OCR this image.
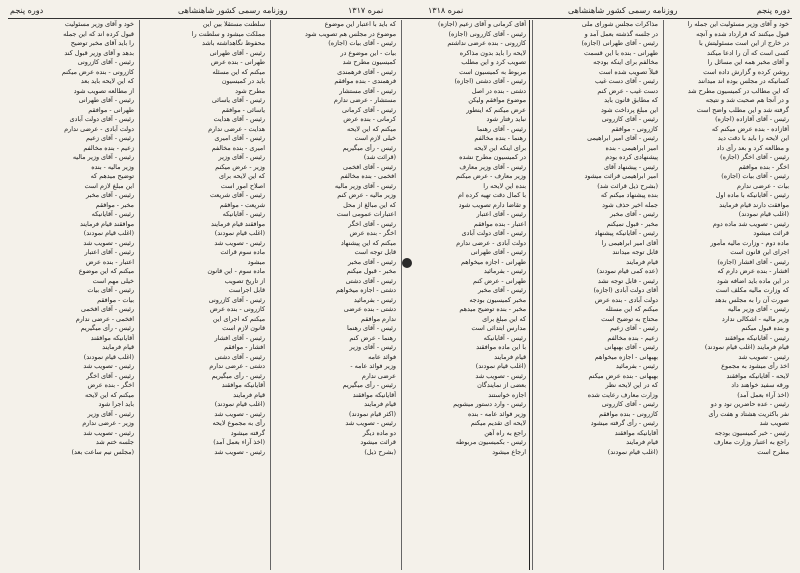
دوره پنجم	روزنامه رسمی کشور شاهنشاهی	نمره ۱۳۱۷	نمره ۱۳۱۸	روزنامه رسمی کشور شاهنشاهی	دوره پنجم
خود و آقای وزیر مسئولیت این جمله را
قبول میکنند که قرارداد شده و آنچه
در خارج از این است مسئولیتش با
کسی است که آن را ادعا میکند
و آقای مخبر همه این مسائل را
روشن کرده و گزارش داده است
کسانیکه در مجلس بوده اند میدانند
که این مطالب در کمیسیون مطرح شد
و در آنجا هم صحبت شد و نتیجه
گرفته شد و این مطلب واضح است
رئیس - آقای آقازاده (اجازه)
آقازاده - بنده عرض میکنم که
این لایحه را باید با دقت دید
و مطالعه کرد و بعد رأی داد
رئیس - آقای اخگر (اجازه)
اخگر - بنده موافقم
رئیس - آقای بیات (اجازه)
بیات - عرضی ندارم
رئیس - آقایانیکه با ماده اول
موافقت دارند قیام فرمایند
(اغلب قیام نمودند)
رئیس - تصویب شد ماده دوم
قرائت میشود
ماده دوم - وزارت مالیه مأمور
اجرای این قانون است
رئیس - آقای افشار (اجازه)
افشار - بنده عرض دارم که
در این ماده باید اضافه شود
که وزارت مالیه مکلف است
صورت آن را به مجلس بدهد
رئیس - آقای وزیر مالیه
وزیر مالیه - اشکالی ندارد
و بنده قبول میکنم
رئیس - آقایانیکه موافقند
قیام فرمایند (اغلب قیام نمودند)
رئیس - تصویب شد
اخذ رأی میشود به مجموع
لایحه - آقایانیکه موافقند
ورقه سفید خواهند داد
(اخذ آراء بعمل آمد)
رئیس - عده حاضرین نود و دو
نفر باکثریت هشتاد و هفت رأی
تصویب شد
رئیس - خبر کمیسیون بودجه
راجع به اعتبار وزارت معارف
مطرح است
مذاکرات مجلس شورای ملی
در جلسه گذشته بعمل آمد و
رئیس - آقای طهرانی (اجازه)
طهرانی - بنده با این قسمت
مخالفم برای اینکه بودجه
قبلاً تصویب شده است
رئیس - آقای دست غیب
دست غیب - عرض کنم
که مطابق قانون باید
این مبلغ پرداخت شود
رئیس - آقای کازرونی
کازرونی - موافقم
رئیس - آقای امیر ابراهیمی
امیر ابراهیمی - بنده
پیشنهادی کرده بودم
رئیس - پیشنهاد آقای
امیر ابراهیمی قرائت میشود
(بشرح ذیل قرائت شد)
بنده پیشنهاد میکنم که
جمله اخیر حذف شود
رئیس - آقای مخبر
مخبر - قبول نمیکنم
رئیس - آقایانیکه پیشنهاد
آقای امیر ابراهیمی را
قابل توجه میدانند
قیام فرمایند
(عده کمی قیام نمودند)
رئیس - قابل توجه نشد
آقای دولت آبادی (اجازه)
دولت آبادی - بنده عرض
میکنم که این مسئله
محتاج به توضیح است
رئیس - آقای زعیم
زعیم - بنده مخالفم
رئیس - آقای بهبهانی
بهبهانی - اجازه میخواهم
رئیس - بفرمائید
بهبهانی - بنده عرض میکنم
که در این لایحه نظر
وزارت معارف رعایت شده
رئیس - آقای کازرونی
کازرونی - بنده موافقم
رئیس - رأی گرفته میشود
آقایانیکه موافقند
قیام فرمایند
(اغلب قیام نمودند)
آقای کرمانی و آقای زعیم (اجازه)
رئیس - آقای کازرونی (اجازه)
کازرونی - بنده عرضی نداشتم
لایحه را باید بدون مذاکره
تصویب کرد و این مطلب
مربوط به کمیسیون است
رئیس - آقای دشتی (اجازه)
دشتی - بنده در اصل
موضوع موافقم ولیکن
عرض میکنم که اینطور
نباید رفتار شود
رئیس - آقای رهنما
رهنما - بنده مخالفم
برای اینکه این لایحه
در کمیسیون مطرح نشده
رئیس - آقای وزیر معارف
وزیر معارف - عرض میکنم
بنده این لایحه را
با کمال دقت تهیه کرده ام
و تقاضا دارم تصویب شود
رئیس - آقای اعتبار
اعتبار - بنده موافقم
رئیس - آقای دولت آبادی
دولت آبادی - عرضی ندارم
رئیس - آقای طهرانی
طهرانی - اجازه میخواهم
رئیس - بفرمائید
طهرانی - عرض کنم
رئیس - آقای مخبر
مخبر کمیسیون بودجه
مخبر - بنده توضیح میدهم
که این مبلغ برای
مدارس ابتدائی است
رئیس - آقایانیکه
با این ماده موافقند
قیام فرمایند
(اغلب قیام نمودند)
رئیس - تصویب شد
بعضی از نمایندگان
اجازه خواستند
رئیس - وارد دستور میشویم
وزیر فوائد عامه - بنده
لایحه ای تقدیم میکنم
راجع به راه آهن
رئیس - بکمیسیون مربوطه
ارجاع میشود
که باید با اعتبار این موضوع
موضوع در مجلس هم تصویب شود
رئیس - آقای بیات (اجازه)
بیات - این موضوع در
کمیسیون مطرح شد
رئیس - آقای فرهمندی
فرهمندی - بنده موافقم
رئیس - آقای مستشار
مستشار - عرضی ندارم
رئیس - آقای کرمانی
کرمانی - بنده عرض
میکنم که این لایحه
خیلی لازم است
رئیس - رأی میگیریم
(قرائت شد)
رئیس - آقای افخمی
افخمی - بنده مخالفم
رئیس - آقای وزیر مالیه
وزیر مالیه - عرض کنم
که این مبالغ از محل
اعتبارات عمومی است
رئیس - آقای اخگر
اخگر - بنده عرض
میکنم که این پیشنهاد
قابل توجه است
رئیس - آقای مخبر
مخبر - قبول میکنم
رئیس - آقای دشتی
دشتی - اجازه میخواهم
رئیس - بفرمائید
دشتی - بنده عرضی
ندارم موافقم
رئیس - آقای رهنما
رهنما - عرض کنم
رئیس - آقای وزیر
فوائد عامه
وزیر فوائد عامه -
عرضی ندارم
رئیس - رأی میگیریم
آقایانیکه موافقند
قیام فرمایند
(اکثر قیام نمودند)
رئیس - تصویب شد
دو ماده دیگر
قرائت میشود
(بشرح ذیل)
سلطنت مستقلا بین این
مملکت میشود و سلطنت را
محفوظ نگاهداشته باشد
رئیس - آقای طهرانی
طهرانی - بنده عرض
میکنم که این مسئله
باید در کمیسیون
مطرح شود
رئیس - آقای یاسائی
یاسائی - موافقم
رئیس - آقای هدایت
هدایت - عرضی ندارم
رئیس - آقای امیری
امیری - بنده مخالفم
رئیس - آقای وزیر
وزیر - عرض میکنم
که این لایحه برای
اصلاح امور است
رئیس - آقای شریعت
شریعت - موافقم
رئیس - آقایانیکه
موافقند قیام فرمایند
(اغلب قیام نمودند)
رئیس - تصویب شد
ماده سوم قرائت
میشود
ماده سوم - این قانون
از تاریخ تصویب
قابل اجراست
رئیس - آقای کازرونی
کازرونی - بنده عرض
میکنم که اجرای این
قانون لازم است
رئیس - آقای افشار
افشار - موافقم
رئیس - آقای دشتی
دشتی - عرضی ندارم
رئیس - رأی میگیریم
آقایانیکه موافقند
قیام فرمایند
(اغلب قیام نمودند)
رئیس - تصویب شد
رأی به مجموع لایحه
گرفته میشود
(اخذ آراء بعمل آمد)
رئیس - تصویب شد
خود و آقای وزیر مسئولیت
قبول کرده اند که این جمله
را باید آقای مخبر توضیح
بدهد و آقای وزیر قبول کند
رئیس - آقای کازرونی
کازرونی - بنده عرض میکنم
که این لایحه باید بعد
از مطالعه تصویب شود
رئیس - آقای طهرانی
طهرانی - موافقم
رئیس - آقای دولت آبادی
دولت آبادی - عرضی ندارم
رئیس - آقای زعیم
زعیم - بنده مخالفم
رئیس - آقای وزیر مالیه
وزیر مالیه - بنده
توضیح میدهم که
این مبلغ لازم است
رئیس - آقای مخبر
مخبر - موافقم
رئیس - آقایانیکه
موافقند قیام فرمایند
(اغلب قیام نمودند)
رئیس - تصویب شد
رئیس - آقای اعتبار
اعتبار - بنده عرض
میکنم که این موضوع
خیلی مهم است
رئیس - آقای بیات
بیات - موافقم
رئیس - آقای افخمی
افخمی - عرضی ندارم
رئیس - رأی میگیریم
آقایانیکه موافقند
قیام فرمایند
(اغلب قیام نمودند)
رئیس - تصویب شد
رئیس - آقای اخگر
اخگر - بنده عرض
میکنم که این لایحه
باید اجرا شود
رئیس - آقای وزیر
وزیر - عرضی ندارم
رئیس - تصویب شد
جلسه ختم شد
(مجلس نیم ساعت بعد)
